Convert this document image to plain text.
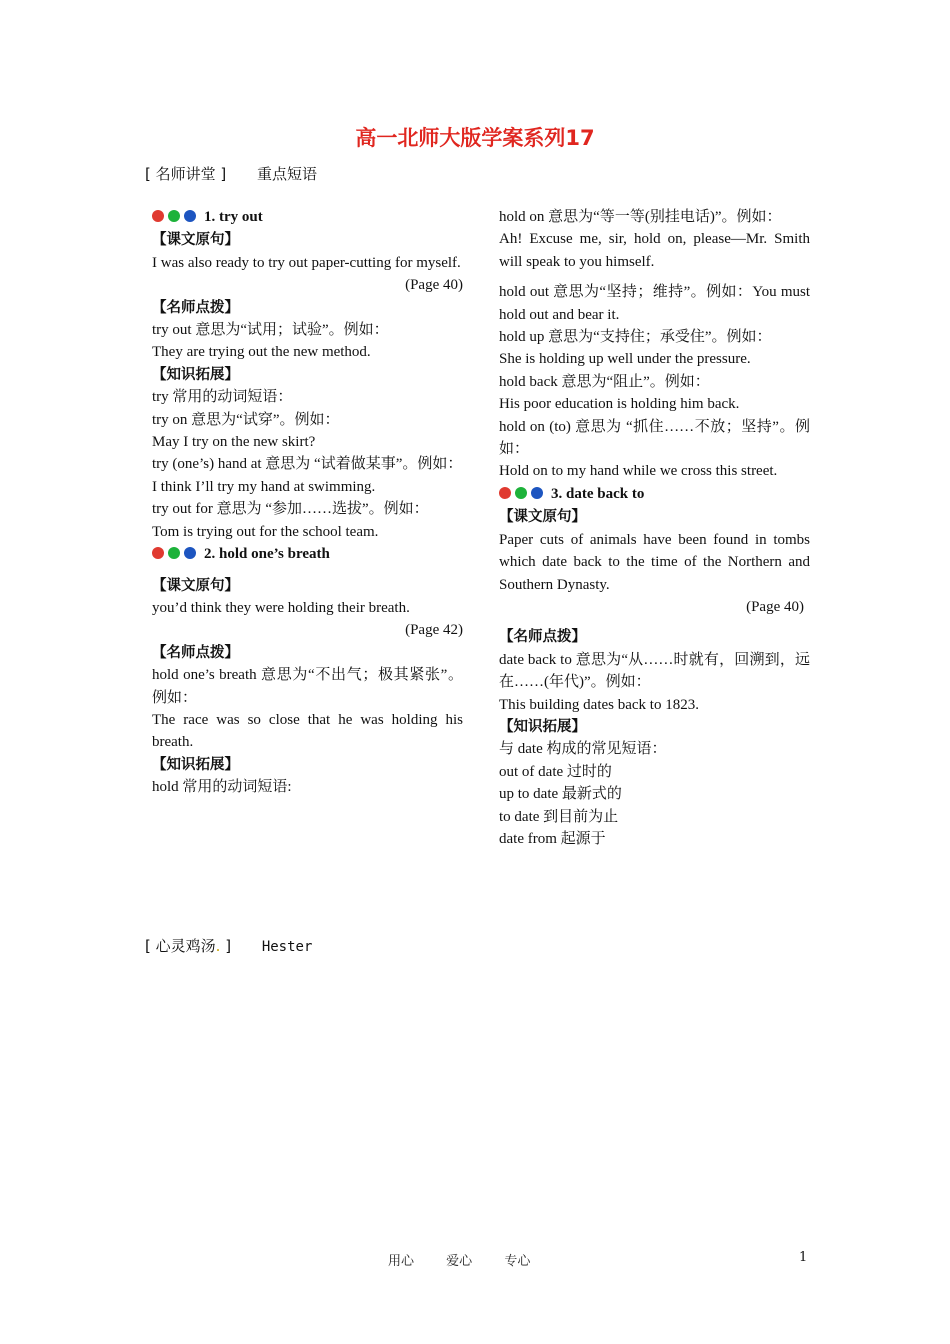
高一北师大版学案系列17
[ 名师讲堂 ] 重点短语

1. try out

【课文原句】

I was also ready to try out paper-cutting for myself.

(Page 40)

【名师点拨】

try out 意思为“试用；试验”。例如：

They are trying out the new method.

【知识拓展】

try 常用的动词短语：

try on 意思为“试穿”。例如：

May I try on the new skirt?

try (one’s) hand at 意思为 “试着做某事”。例如：

I think I’ll try my hand at swimming.

try out for 意思为 “参加……选拔”。例如：

Tom is trying out for the school team.

2. hold one’s breath

【课文原句】

you’d think they were holding their breath.

(Page 42)

【名师点拨】

hold one’s breath 意思为“不出气；极其紧张”。例如：

The race was so close that he was holding his breath.

【知识拓展】

hold 常用的动词短语:

hold on 意思为“等一等(别挂电话)”。例如：

Ah! Excuse me, sir, hold on, please—Mr. Smith will speak to you himself.

hold out 意思为“坚持；维持”。例如：You must hold out and bear it.

hold up 意思为“支持住；承受住”。例如：

She is holding up well under the pressure.

hold back 意思为“阻止”。例如：

His poor education is holding him back.

hold on (to) 意思为 “抓住……不放；坚持”。例如：

Hold on to my hand while we cross this street.

3. date back to

【课文原句】

Paper cuts of animals have been found in tombs which date back to the time of the Northern and Southern Dynasty.

(Page 40)

【名师点拨】

date back to 意思为“从……时就有，回溯到，远在……(年代)”。例如：

This building dates back to 1823.

【知识拓展】

与 date 构成的常见短语：

out of date 过时的

up to date 最新式的

to date 到目前为止

date from 起源于

[ 心灵鸡汤. ] Hester
用心 爱心 专心	1
